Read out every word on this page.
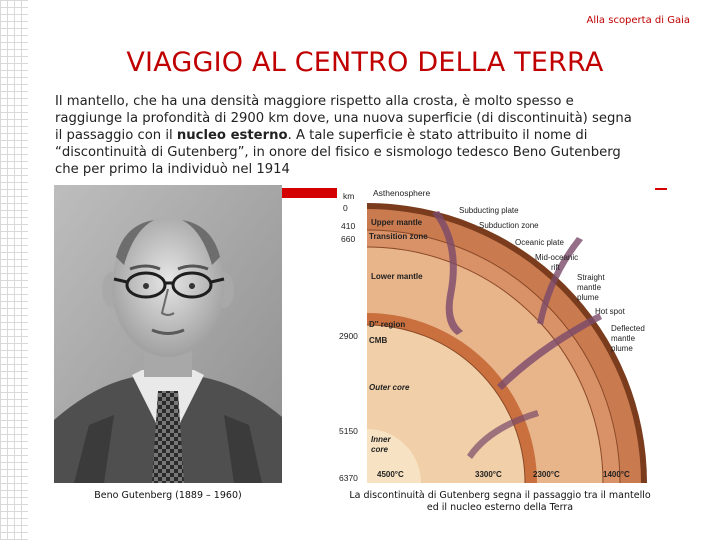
Alla scoperta di Gaia
VIAGGIO AL CENTRO DELLA TERRA
Il mantello, che ha una densità maggiore rispetto alla crosta, è molto spesso e raggiunge la profondità di 2900 km dove, una nuova superficie (di discontinuità) segna il passaggio con il nucleo esterno. A tale superficie è stato attribuito il nome di “discontinuità di Gutenberg”, in onore del fisico e sismologo tedesco Beno Gutenberg che per primo la individuò nel 1914
Beno Gutenberg (1889 – 1960)
km
0
410
660
2900
5150
6370
Asthenosphere
Subducting plate
Upper mantle	Subduction zone
Transition zone
Oceanic plate
Mid-oceanic
rift
Lower mantle	Straight
mantle
plume
Hot spot
D'' region	Deflected
mantle
plume
CMB
Outer core
Inner
core
4500°C	3300°C	2300°C	1400°C
La discontinuità di Gutenberg segna il passaggio tra il mantello ed il nucleo esterno della Terra
